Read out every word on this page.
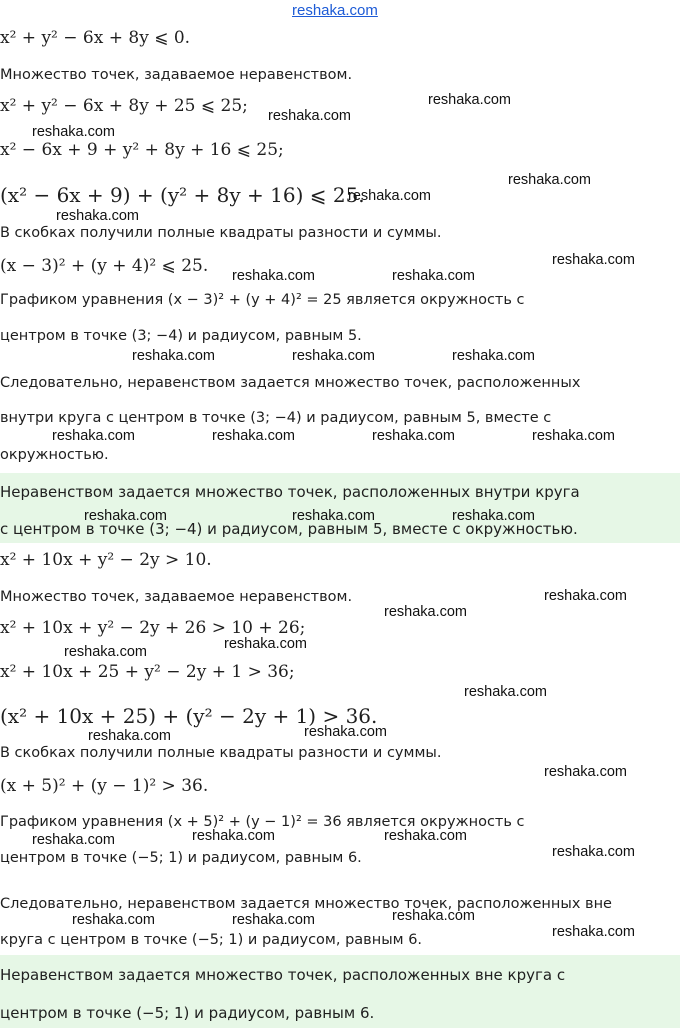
reshaka.com
x² + y² − 6x + 8y ⩽ 0.
Множество точек, задаваемое неравенством.
x² + y² − 6x + 8y + 25 ⩽ 25;
x² − 6x + 9 + y² + 8y + 16 ⩽ 25;
(x² − 6x + 9) + (y² + 8y + 16) ⩽ 25.
В скобках получили полные квадраты разности и суммы.
(x − 3)² + (y + 4)² ⩽ 25.
Графиком уравнения (x − 3)² + (y + 4)² = 25 является окружность с
центром в точке (3; −4) и радиусом, равным 5.
Следовательно, неравенством задается множество точек, расположенных
внутри круга с центром в точке (3; −4) и радиусом, равным 5, вместе с
окружностью.
Неравенством задается множество точек, расположенных внутри круга
с центром в точке (3; −4) и радиусом, равным 5, вместе с окружностью.
x² + 10x + y² − 2y > 10.
Множество точек, задаваемое неравенством.
x² + 10x + y² − 2y + 26 > 10 + 26;
x² + 10x + 25 + y² − 2y + 1 > 36;
(x² + 10x + 25) + (y² − 2y + 1) > 36.
В скобках получили полные квадраты разности и суммы.
(x + 5)² + (y − 1)² > 36.
Графиком уравнения (x + 5)² + (y − 1)² = 36 является окружность с
центром в точке (−5; 1) и радиусом, равным 6.
Следовательно, неравенством задается множество точек, расположенных вне
круга с центром в точке (−5; 1) и радиусом, равным 6.
Неравенством задается множество точек, расположенных вне круга с
центром в точке (−5; 1) и радиусом, равным 6.
reshaka.com
reshaka.com
reshaka.com
reshaka.com
reshaka.com
reshaka.com
reshaka.com
reshaka.com	reshaka.com
reshaka.com	reshaka.com	reshaka.com
reshaka.com	reshaka.com	reshaka.com	reshaka.com
reshaka.com	reshaka.com	reshaka.com
reshaka.com
reshaka.com
reshaka.com
reshaka.com
reshaka.com
reshaka.com
reshaka.com
reshaka.com
reshaka.com	reshaka.com	reshaka.com
reshaka.com
reshaka.com
reshaka.com	reshaka.com
reshaka.com
